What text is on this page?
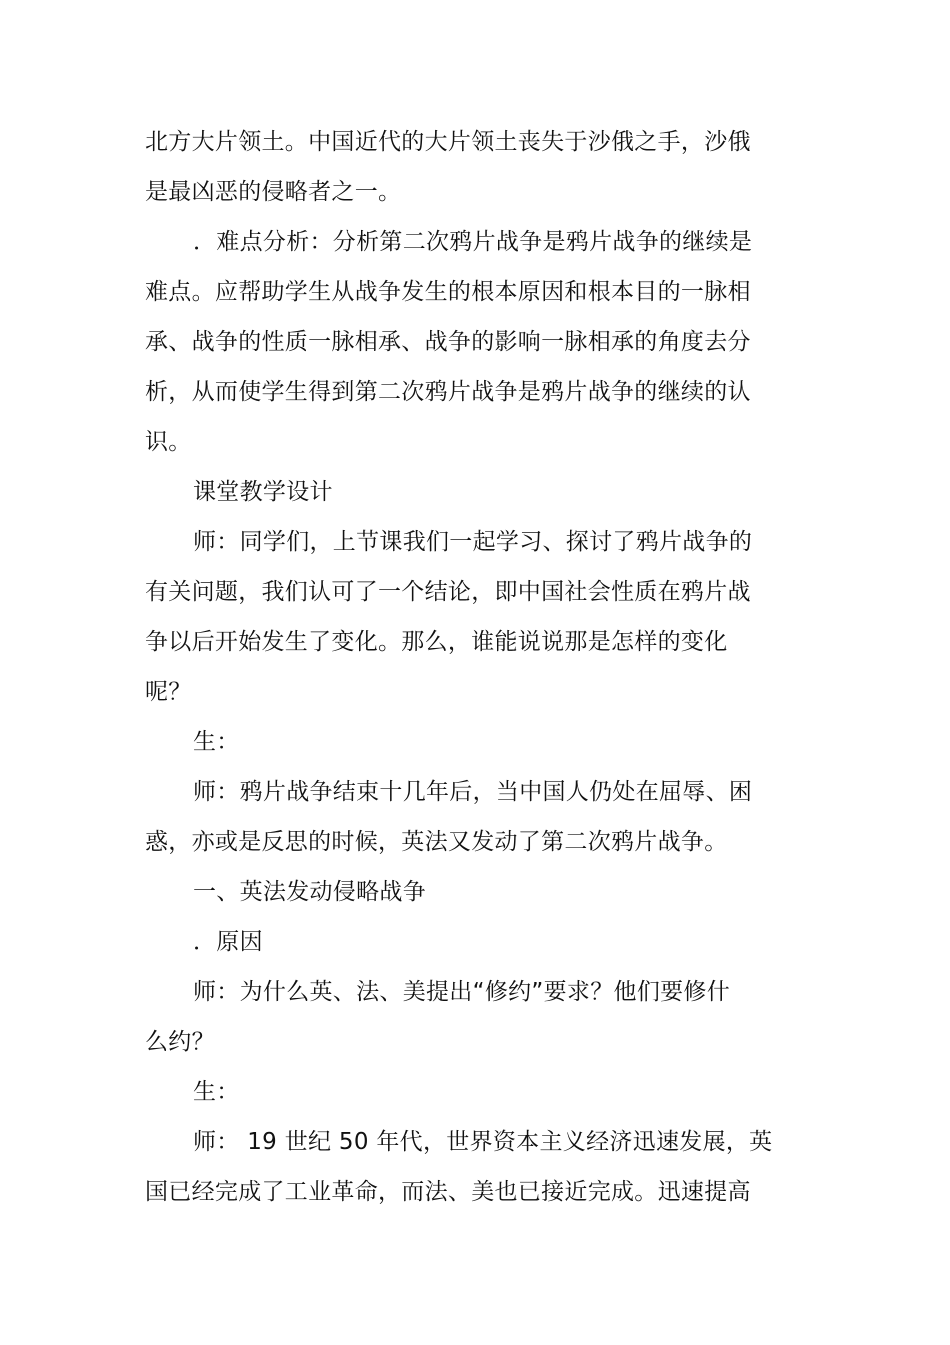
北方大片领土。中国近代的大片领土丧失于沙俄之手，沙俄
是最凶恶的侵略者之一。
．难点分析：分析第二次鸦片战争是鸦片战争的继续是
难点。应帮助学生从战争发生的根本原因和根本目的一脉相
承、战争的性质一脉相承、战争的影响一脉相承的角度去分
析，从而使学生得到第二次鸦片战争是鸦片战争的继续的认
识。
课堂教学设计
师：同学们，上节课我们一起学习、探讨了鸦片战争的
有关问题，我们认可了一个结论，即中国社会性质在鸦片战
争以后开始发生了变化。那么，谁能说说那是怎样的变化
呢？
生：
师：鸦片战争结束十几年后，当中国人仍处在屈辱、困
惑，亦或是反思的时候，英法又发动了第二次鸦片战争。
一、英法发动侵略战争
．原因
师：为什么英、法、美提出“修约”要求？他们要修什
么约？
生：
师： 19 世纪 50 年代，世界资本主义经济迅速发展，英
国已经完成了工业革命，而法、美也已接近完成。迅速提高
